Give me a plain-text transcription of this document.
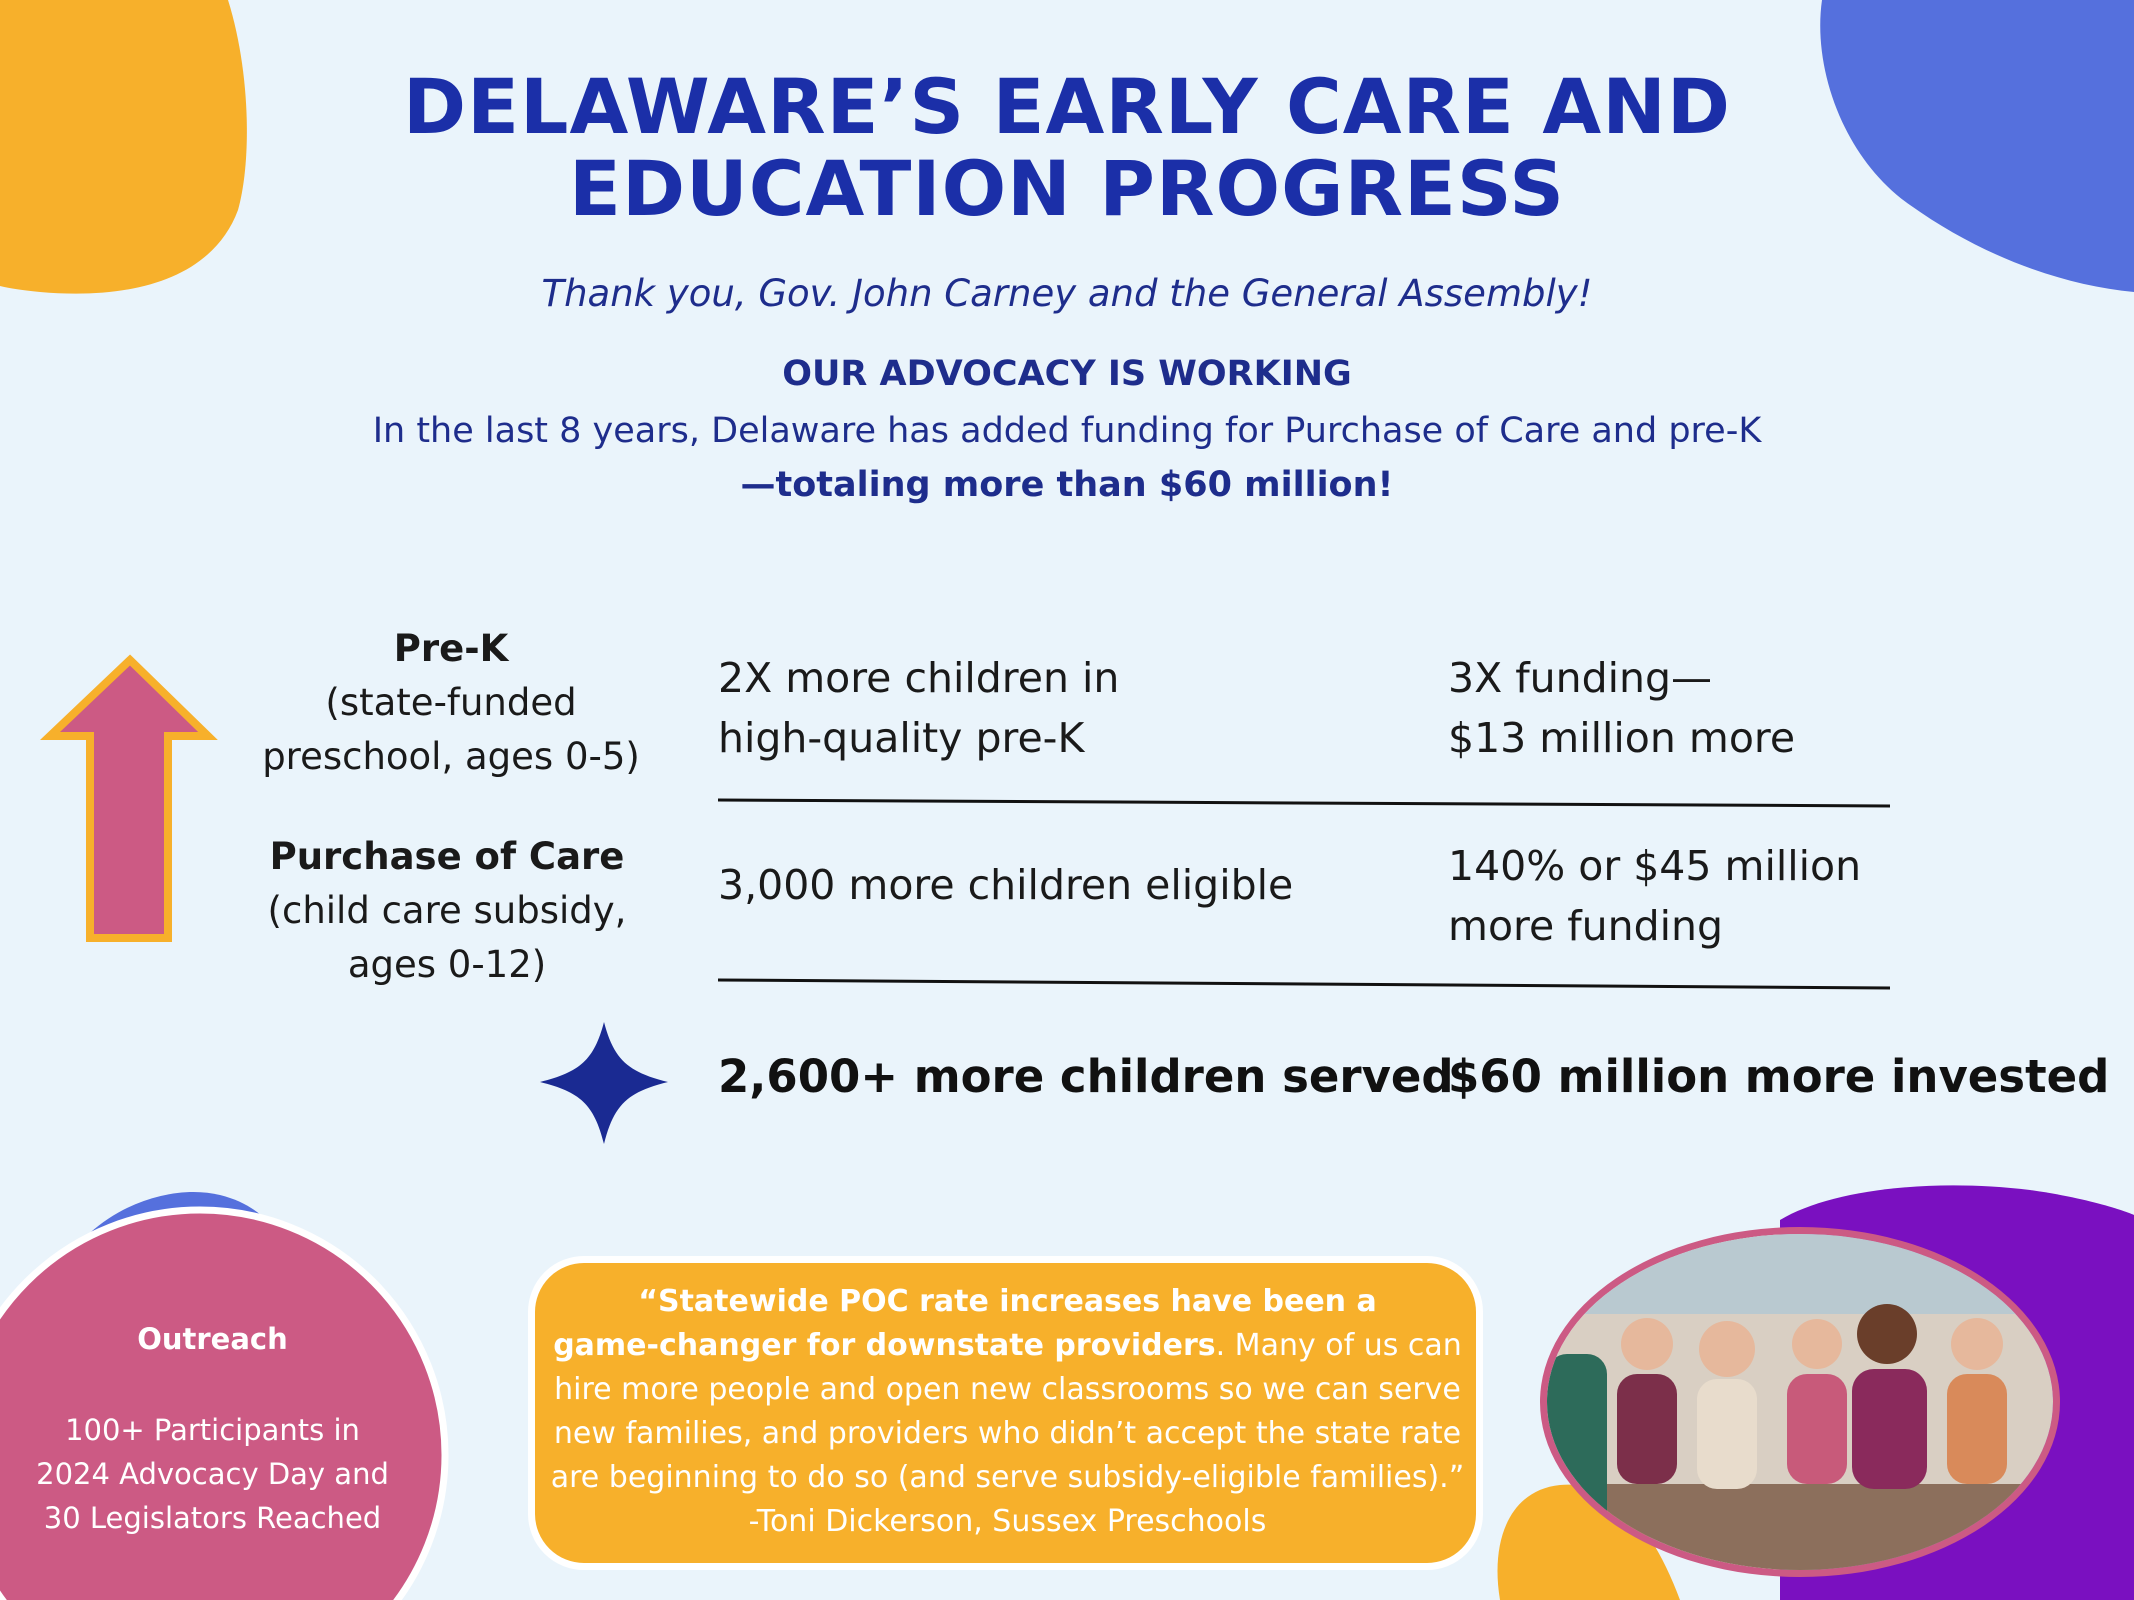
DELAWARE’S EARLY CARE AND
EDUCATION PROGRESS
Thank you, Gov. John Carney and the General Assembly!
OUR ADVOCACY IS WORKING
In the last 8 years, Delaware has added funding for Purchase of Care and pre-K
—totaling more than $60 million!
Pre-K
(state-funded
preschool, ages 0-5)
2X more children in
high-quality pre-K
3X funding—
$13 million more
Purchase of Care
(child care subsidy,
ages 0-12)
3,000 more children eligible	140% or $45 million
more funding
2,600+ more children served
$60 million more invested
Outreach
100+ Participants in
2024 Advocacy Day and
30 Legislators Reached
“Statewide POC rate increases have been a
game-changer for downstate providers. Many of us can
hire more people and open new classrooms so we can serve
new families, and providers who didn’t accept the state rate
are beginning to do so (and serve subsidy-eligible families).”
-Toni Dickerson, Sussex Preschools
